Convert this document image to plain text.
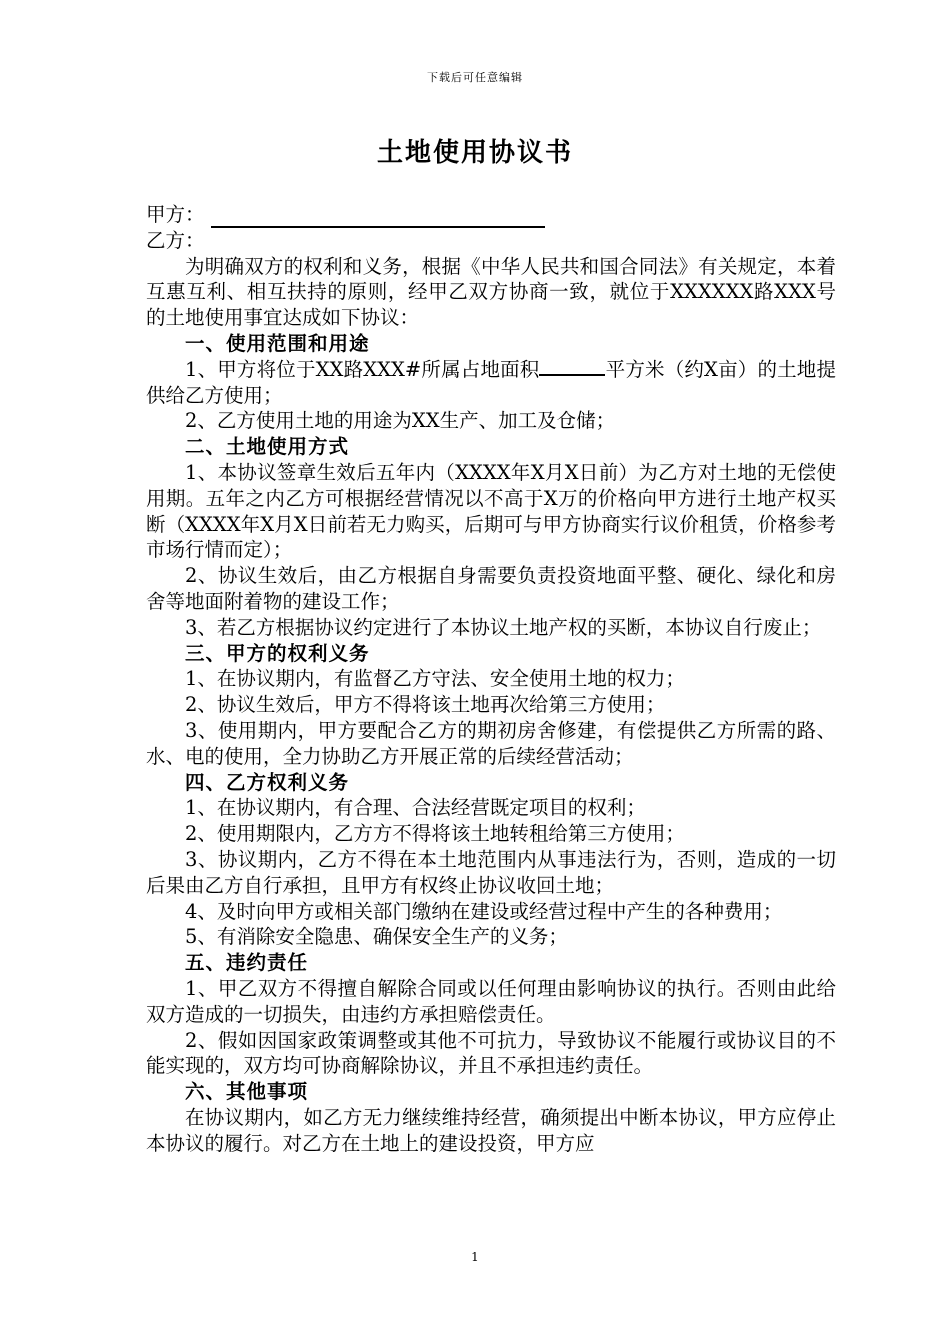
下载后可任意编辑
土地使用协议书
甲方：
乙方：

为明确双方的权利和义务，根据《中华人民共和国合同法》有关规定，本着互惠互利、相互扶持的原则，经甲乙双方协商一致，就位于XXXXXX路XXX号的土地使用事宜达成如下协议：

一、使用范围和用途

1、甲方将位于XX路XXX#所属占地面积	平方米（约X亩）的土地提供给乙方使用；

2、乙方使用土地的用途为XX生产、加工及仓储；

二、土地使用方式

1、本协议签章生效后五年内（XXXX年X月X日前）为乙方对土地的无偿使用期。五年之内乙方可根据经营情况以不高于X万的价格向甲方进行土地产权买断（XXXX年X月X日前若无力购买，后期可与甲方协商实行议价租赁，价格参考市场行情而定）；

2、协议生效后，由乙方根据自身需要负责投资地面平整、硬化、绿化和房舍等地面附着物的建设工作；

3、若乙方根据协议约定进行了本协议土地产权的买断，本协议自行废止；

三、甲方的权利义务

1、在协议期内，有监督乙方守法、安全使用土地的权力；

2、协议生效后，甲方不得将该土地再次给第三方使用；

3、使用期内，甲方要配合乙方的期初房舍修建，有偿提供乙方所需的路、水、电的使用，全力协助乙方开展正常的后续经营活动；

四、乙方权利义务

1、在协议期内，有合理、合法经营既定项目的权利；

2、使用期限内，乙方方不得将该土地转租给第三方使用；

3、协议期内，乙方不得在本土地范围内从事违法行为，否则，造成的一切后果由乙方自行承担，且甲方有权终止协议收回土地；

4、及时向甲方或相关部门缴纳在建设或经营过程中产生的各种费用；

5、有消除安全隐患、确保安全生产的义务；

五、违约责任

1、甲乙双方不得擅自解除合同或以任何理由影响协议的执行。否则由此给双方造成的一切损失，由违约方承担赔偿责任。

2、假如因国家政策调整或其他不可抗力，导致协议不能履行或协议目的不能实现的，双方均可协商解除协议，并且不承担违约责任。

六、其他事项

在协议期内，如乙方无力继续维持经营，确须提出中断本协议，甲方应停止本协议的履行。对乙方在土地上的建设投资，甲方应

1
